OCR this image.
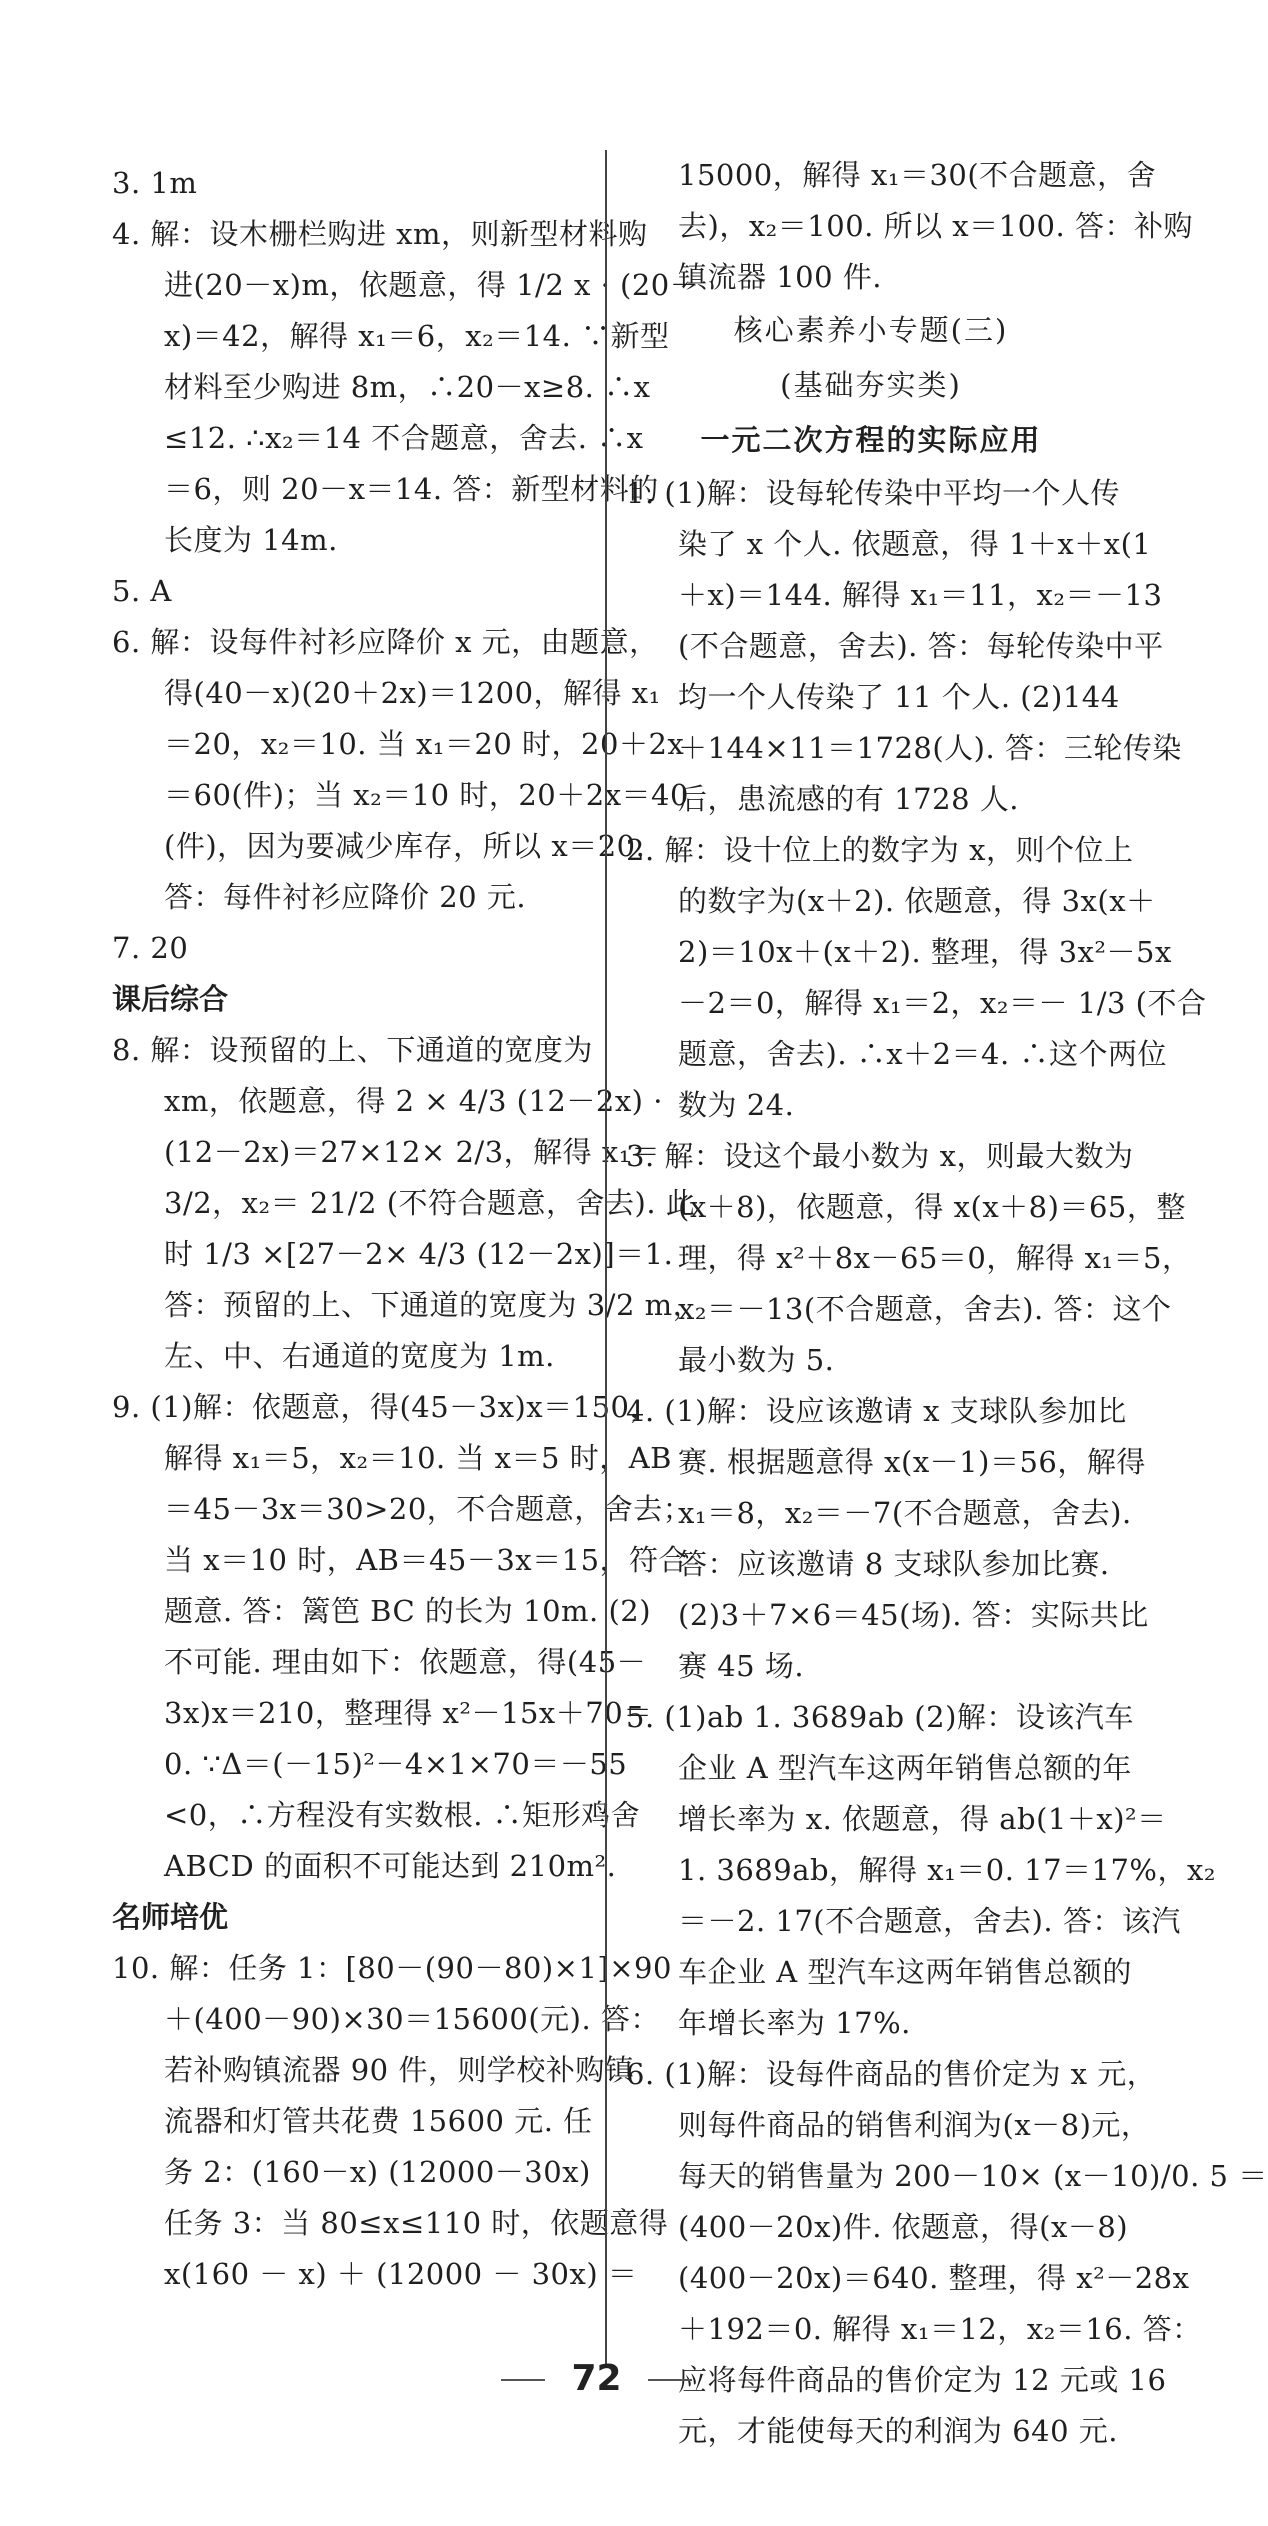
3. 1m
4. 解：设木栅栏购进 xm，则新型材料购
进(20－x)m，依题意，得 1/2 x · (20－
x)＝42，解得 x₁＝6，x₂＝14. ∵新型
材料至少购进 8m，∴20－x≥8. ∴x
≤12. ∴x₂＝14 不合题意，舍去. ∴x
＝6，则 20－x＝14. 答：新型材料的
长度为 14m.
5. A
6. 解：设每件衬衫应降价 x 元，由题意，
得(40－x)(20＋2x)＝1200，解得 x₁
＝20，x₂＝10. 当 x₁＝20 时，20＋2x
＝60(件)；当 x₂＝10 时，20＋2x＝40
(件)，因为要减少库存，所以 x＝20.
答：每件衬衫应降价 20 元.
7. 20
课后综合
8. 解：设预留的上、下通道的宽度为
xm，依题意，得 2 × 4/3 (12－2x) ·
(12－2x)＝27×12× 2/3，解得 x₁＝
3/2，x₂＝ 21/2 (不符合题意，舍去). 此
时 1/3 ×[27－2× 4/3 (12－2x)]＝1.
答：预留的上、下通道的宽度为 3/2 m，
左、中、右通道的宽度为 1m.
9. (1)解：依题意，得(45－3x)x＝150，
解得 x₁＝5，x₂＝10. 当 x＝5 时，AB
＝45－3x＝30>20，不合题意，舍去；
当 x＝10 时，AB＝45－3x＝15，符合
题意. 答：篱笆 BC 的长为 10m. (2)
不可能. 理由如下：依题意，得(45－
3x)x＝210，整理得 x²－15x＋70＝
0. ∵Δ＝(－15)²－4×1×70＝－55
<0，∴方程没有实数根. ∴矩形鸡舍
ABCD 的面积不可能达到 210m².
名师培优
10. 解：任务 1：[80－(90－80)×1]×90
＋(400－90)×30＝15600(元). 答：
若补购镇流器 90 件，则学校补购镇
流器和灯管共花费 15600 元. 任
务 2：(160－x) (12000－30x)
任务 3：当 80≤x≤110 时，依题意得
x(160 － x) ＋ (12000 － 30x) ＝
15000，解得 x₁＝30(不合题意，舍
去)，x₂＝100. 所以 x＝100. 答：补购
镇流器 100 件.
核心素养小专题(三)
(基础夯实类)
一元二次方程的实际应用
1. (1)解：设每轮传染中平均一个人传
染了 x 个人. 依题意，得 1＋x＋x(1
＋x)＝144. 解得 x₁＝11，x₂＝－13
(不合题意，舍去). 答：每轮传染中平
均一个人传染了 11 个人. (2)144
＋144×11＝1728(人). 答：三轮传染
后，患流感的有 1728 人.
2. 解：设十位上的数字为 x，则个位上
的数字为(x＋2). 依题意，得 3x(x＋
2)＝10x＋(x＋2). 整理，得 3x²－5x
－2＝0，解得 x₁＝2，x₂＝－ 1/3 (不合
题意，舍去). ∴x＋2＝4. ∴这个两位
数为 24.
3. 解：设这个最小数为 x，则最大数为
(x＋8)，依题意，得 x(x＋8)＝65，整
理，得 x²＋8x－65＝0，解得 x₁＝5，
x₂＝－13(不合题意，舍去). 答：这个
最小数为 5.
4. (1)解：设应该邀请 x 支球队参加比
赛. 根据题意得 x(x－1)＝56，解得
x₁＝8，x₂＝－7(不合题意，舍去).
答：应该邀请 8 支球队参加比赛.
(2)3＋7×6＝45(场). 答：实际共比
赛 45 场.
5. (1)ab 1. 3689ab (2)解：设该汽车
企业 A 型汽车这两年销售总额的年
增长率为 x. 依题意，得 ab(1＋x)²＝
1. 3689ab，解得 x₁＝0. 17＝17%，x₂
＝－2. 17(不合题意，舍去). 答：该汽
车企业 A 型汽车这两年销售总额的
年增长率为 17%.
6. (1)解：设每件商品的售价定为 x 元，
则每件商品的销售利润为(x－8)元，
每天的销售量为 200－10× (x－10)/0. 5 ＝
(400－20x)件. 依题意，得(x－8)
(400－20x)＝640. 整理，得 x²－28x
＋192＝0. 解得 x₁＝12，x₂＝16. 答：
应将每件商品的售价定为 12 元或 16
元，才能使每天的利润为 640 元.
72
